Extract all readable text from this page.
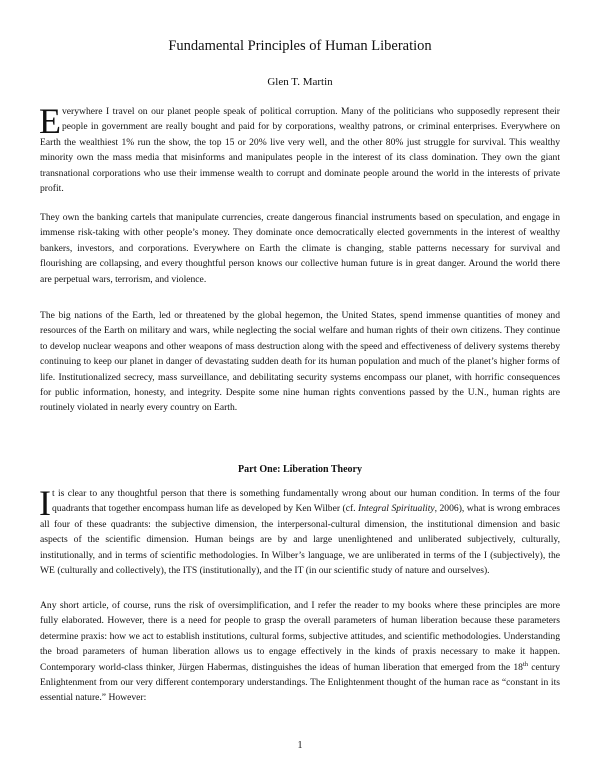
Fundamental Principles of Human Liberation
Glen T. Martin

Everywhere I travel on our planet people speak of political corruption. Many of the politicians who supposedly represent their people in government are really bought and paid for by corporations, wealthy patrons, or criminal enterprises. Everywhere on Earth the wealthiest 1% run the show, the top 15 or 20% live very well, and the other 80% just struggle for survival. This wealthy minority own the mass media that misinforms and manipulates people in the interest of its class domination. They own the giant transnational corporations who use their immense wealth to corrupt and dominate people around the world in the interests of private profit.

They own the banking cartels that manipulate currencies, create dangerous financial instruments based on speculation, and engage in immense risk-taking with other people’s money. They dominate once democratically elected governments in the interest of wealthy bankers, investors, and corporations. Everywhere on Earth the climate is changing, stable patterns necessary for survival and flourishing are collapsing, and every thoughtful person knows our collective human future is in great danger. Around the world there are perpetual wars, terrorism, and violence.

The big nations of the Earth, led or threatened by the global hegemon, the United States, spend immense quantities of money and resources of the Earth on military and wars, while neglecting the social welfare and human rights of their own citizens. They continue to develop nuclear weapons and other weapons of mass destruction along with the speed and effectiveness of delivery systems thereby continuing to keep our planet in danger of devastating sudden death for its human population and much of the planet’s higher forms of life. Institutionalized secrecy, mass surveillance, and debilitating security systems encompass our planet, with horrific consequences for public information, honesty, and integrity. Despite some nine human rights conventions passed by the U.N., human rights are routinely violated in nearly every country on Earth.

Part One: Liberation Theory

It is clear to any thoughtful person that there is something fundamentally wrong about our human condition. In terms of the four quadrants that together encompass human life as developed by Ken Wilber (cf. Integral Spirituality, 2006), what is wrong embraces all four of these quadrants: the subjective dimension, the interpersonal-cultural dimension, the institutional dimension and basic aspects of the scientific dimension. Human beings are by and large unenlightened and unliberated subjectively, culturally, institutionally, and in terms of scientific methodologies. In Wilber’s language, we are unliberated in terms of the I (subjectively), the WE (culturally and collectively), the ITS (institutionally), and the IT (in our scientific study of nature and ourselves).

Any short article, of course, runs the risk of oversimplification, and I refer the reader to my books where these principles are more fully elaborated. However, there is a need for people to grasp the overall parameters of human liberation because these parameters determine praxis: how we act to establish institutions, cultural forms, subjective attitudes, and scientific methodologies. Understanding the broad parameters of human liberation allows us to engage effectively in the kinds of praxis necessary to make it happen. Contemporary world-class thinker, Jürgen Habermas, distinguishes the ideas of human liberation that emerged from the 18th century Enlightenment from our very different contemporary understandings. The Enlightenment thought of the human race as “constant in its essential nature.” However:

1
